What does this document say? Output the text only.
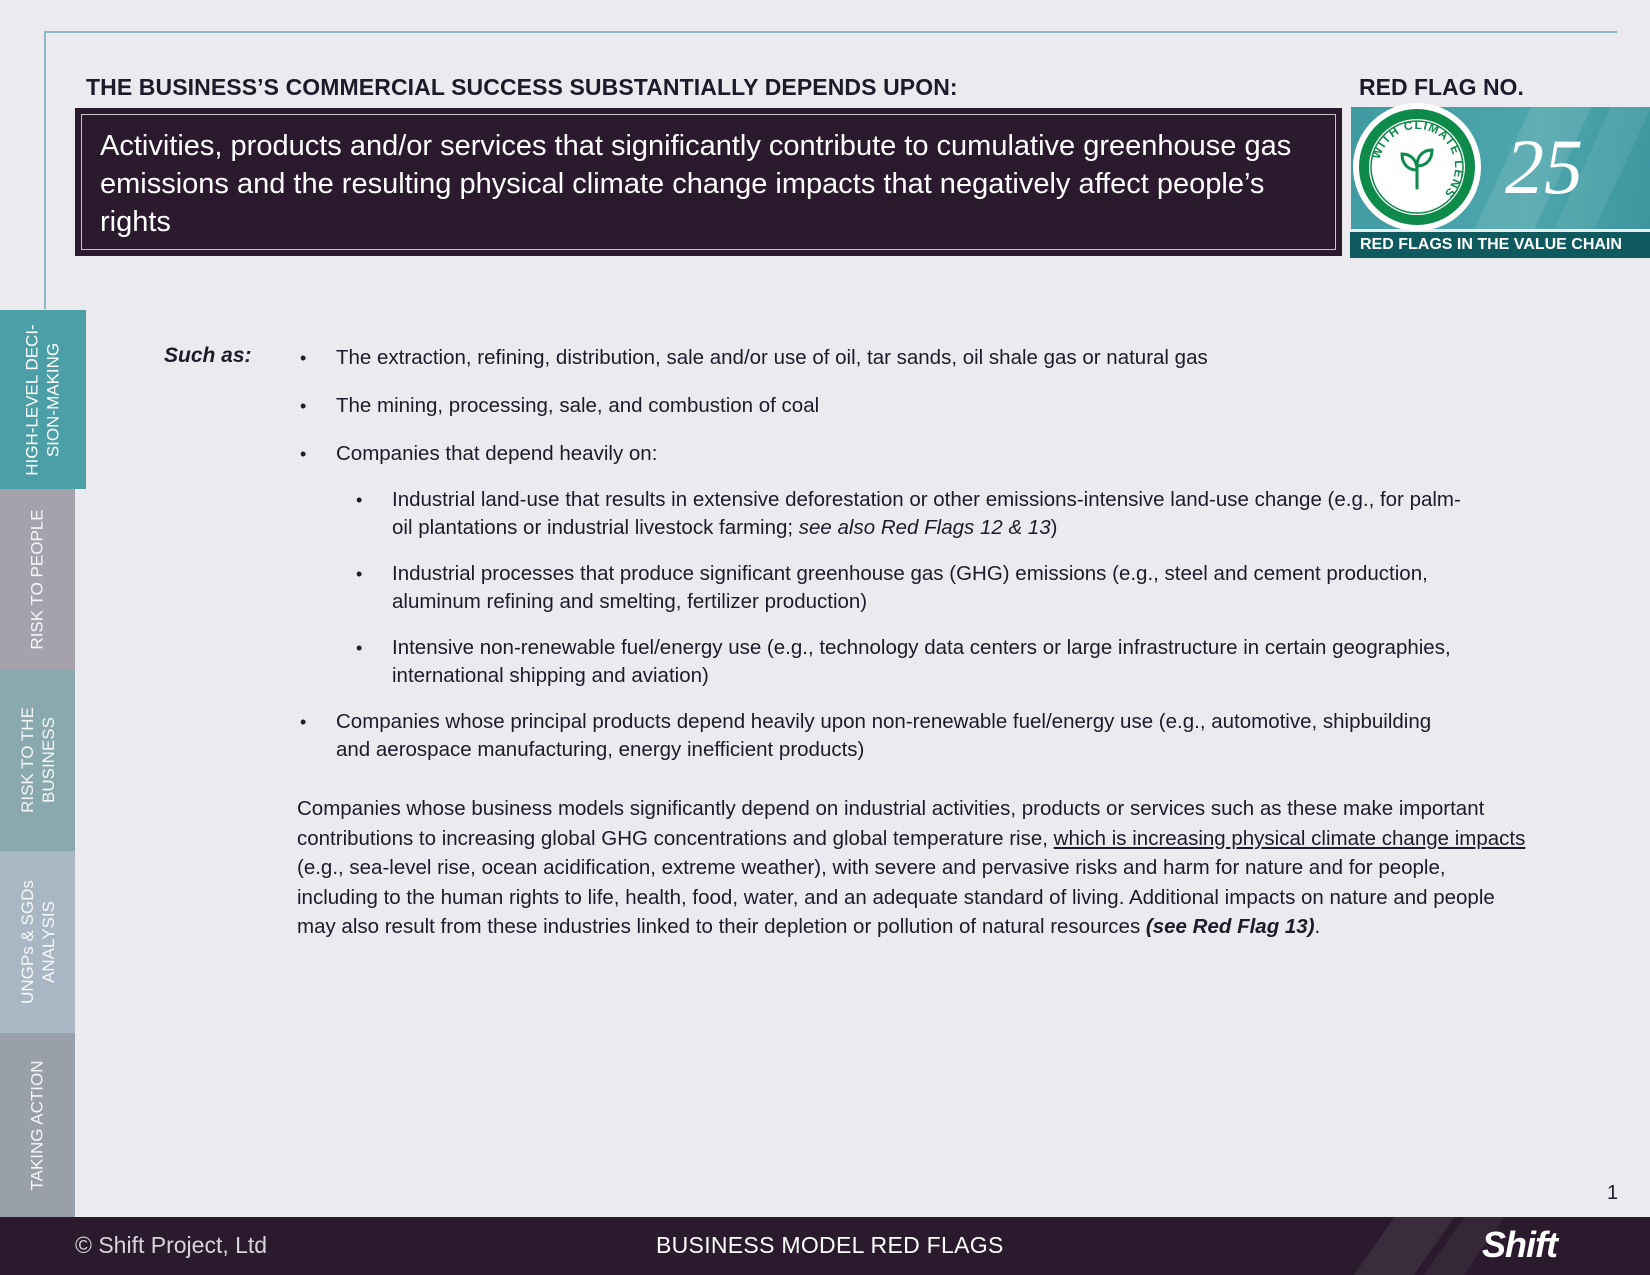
THE BUSINESS’S COMMERCIAL SUCCESS SUBSTANTIALLY DEPENDS UPON:
Activities, products and/or services that significantly contribute to cumulative greenhouse gas emissions and the resulting physical climate change impacts that negatively affect people’s rights
RED FLAG NO.
25
WITH CLIMATE LENS
RED FLAGS IN THE VALUE CHAIN
HIGH-LEVEL DECI-
SION-MAKING
RISK TO PEOPLE
RISK TO THE
BUSINESS
UNGPs & SGDs
ANALYSIS
TAKING ACTION
Such as:	• The extraction, refining, distribution, sale and/or use of oil, tar sands, oil shale gas or natural gas
• The mining, processing, sale, and combustion of coal
• Companies that depend heavily on:
• Industrial land-use that results in extensive deforestation or other emissions-intensive land-use change (e.g., for palm-oil plantations or industrial livestock farming; see also Red Flags 12 & 13)
• Industrial processes that produce significant greenhouse gas (GHG) emissions (e.g., steel and cement production, aluminum refining and smelting, fertilizer production)
• Intensive non-renewable fuel/energy use (e.g., technology data centers or large infrastructure in certain geographies, international shipping and aviation)
• Companies whose principal products depend heavily upon non-renewable fuel/energy use (e.g., automotive, shipbuilding and aerospace manufacturing, energy inefficient products)
Companies whose business models significantly depend on industrial activities, products or services such as these make important contributions to increasing global GHG concentrations and global temperature rise, which is increasing physical climate change impacts (e.g., sea-level rise, ocean acidification, extreme weather), with severe and pervasive risks and harm for nature and for people, including to the human rights to life, health, food, water, and an adequate standard of living. Additional impacts on nature and people may also result from these industries linked to their depletion or pollution of natural resources (see Red Flag 13).
1
© Shift Project, Ltd	BUSINESS MODEL RED FLAGS	Shift
